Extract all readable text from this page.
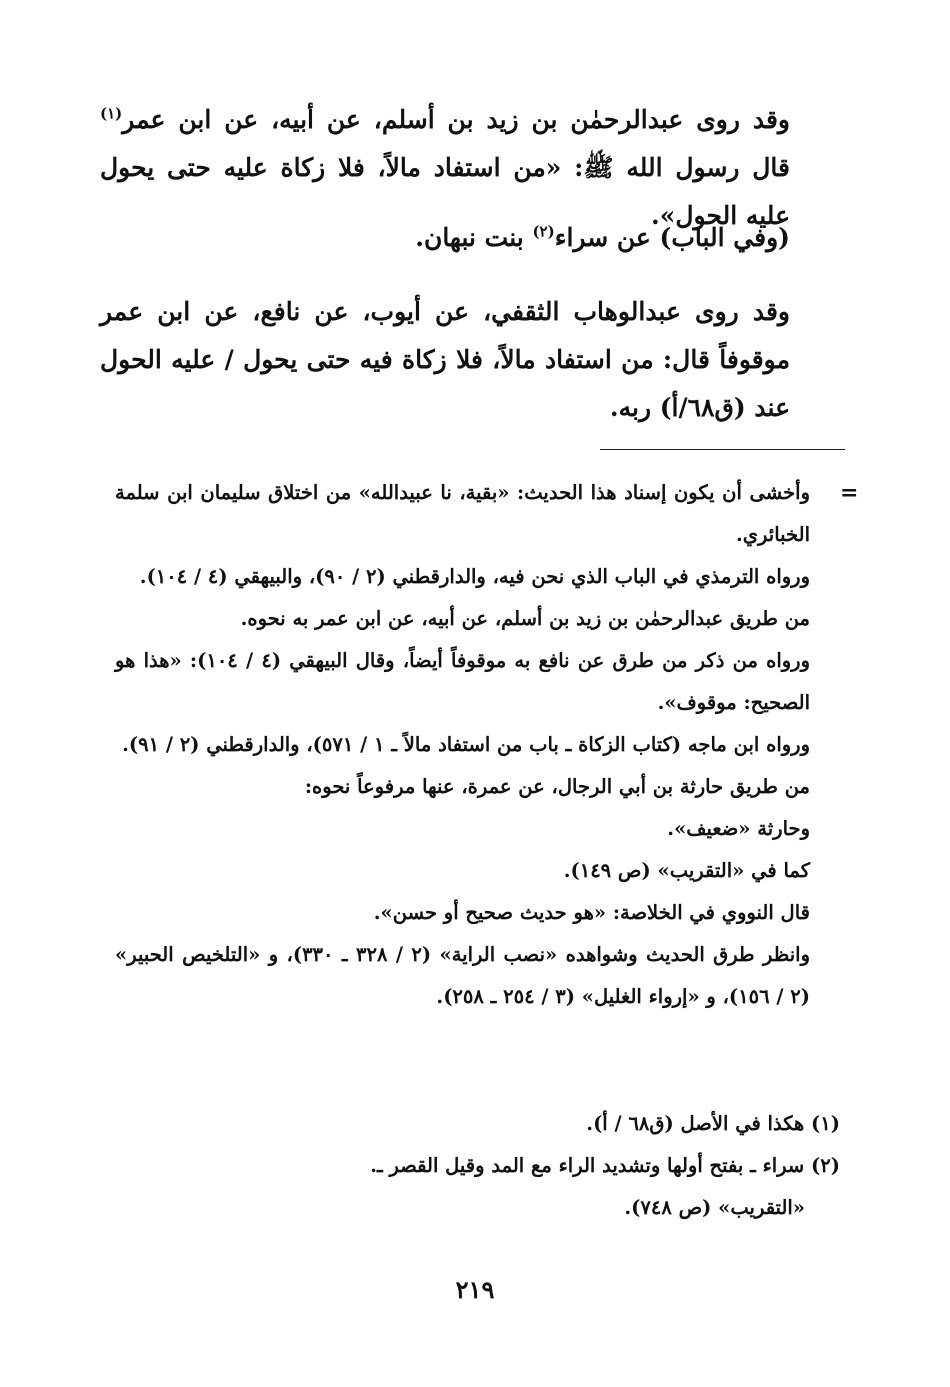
وقد روى عبدالرحمٰن بن زيد بن أسلم، عن أبيه، عن ابن عمر$^{(١)}$ قال رسول الله ﷺ: «من استفاد مالاً، فلا زكاة عليه حتى يحول عليه الحول».

(وفي الباب) عن سراء$^{(٢)}$ بنت نبهان.

وقد روى عبدالوهاب الثقفي، عن أيوب، عن نافع، عن ابن عمر موقوفاً قال: من استفاد مالاً، فلا زكاة فيه حتى يحول / عليه الحول عند (ق٦٨/أ) ربه.

=

وأخشى أن يكون إسناد هذا الحديث: «بقية، نا عبيدالله» من اختلاق سليمان ابن سلمة الخبائري.

ورواه الترمذي في الباب الذي نحن فيه، والدارقطني (٢ / ٩٠)، والبيهقي (٤ / ١٠٤).

من طريق عبدالرحمٰن بن زيد بن أسلم، عن أبيه، عن ابن عمر به نحوه.

ورواه من ذكر من طرق عن نافع به موقوفاً أيضاً، وقال البيهقي (٤ / ١٠٤): «هذا هو الصحيح: موقوف».

ورواه ابن ماجه (كتاب الزكاة ـ باب من استفاد مالاً ـ ١ / ٥٧١)، والدارقطني (٢ / ٩١).

من طريق حارثة بن أبي الرجال، عن عمرة، عنها مرفوعاً نحوه:

وحارثة «ضعيف».

كما في «التقريب» (ص ١٤٩).

قال النووي في الخلاصة: «هو حديث صحيح أو حسن».

وانظر طرق الحديث وشواهده «نصب الراية» (٢ / ٣٢٨ ـ ٣٣٠)، و «التلخيص الحبير» (٢ / ١٥٦)، و «إرواء الغليل» (٣ / ٢٥٤ ـ ٢٥٨).

(١) هكذا في الأصل (ق٦٨ / أ).

(٢) سراء ـ بفتح أولها وتشديد الراء مع المد وقيل القصر ـ.

«التقريب» (ص ٧٤٨).

٢١٩
